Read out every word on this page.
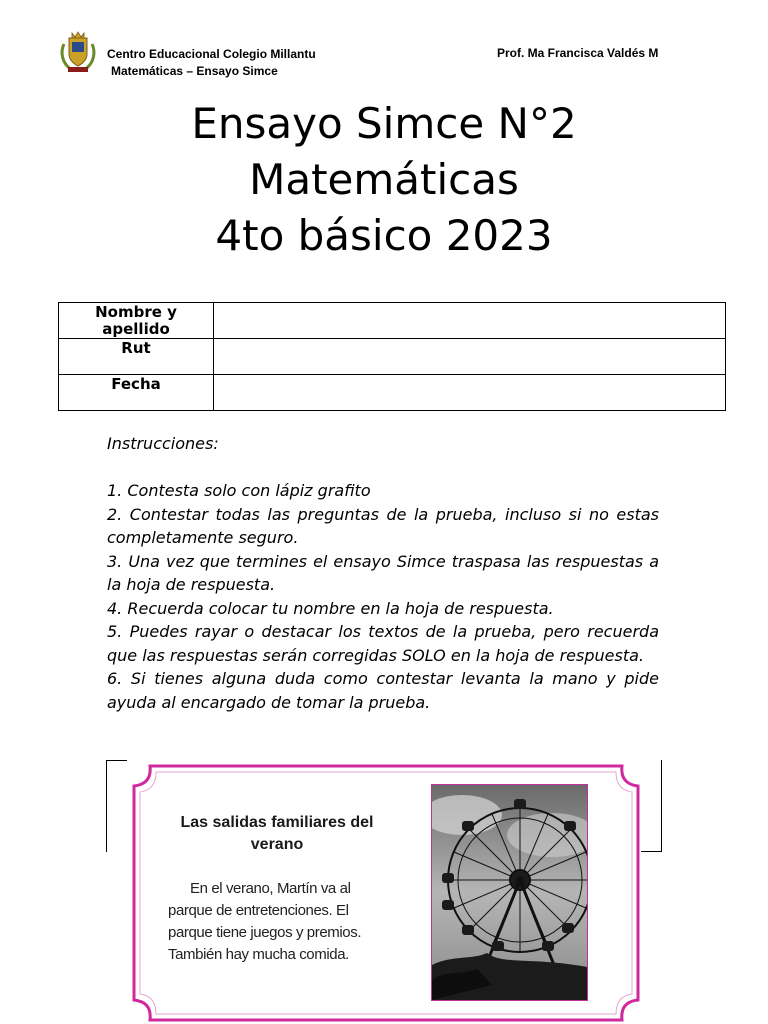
Centro Educacional Colegio Millantu
Matemáticas – Ensayo Simce
Prof. Ma Francisca Valdés M
Ensayo Simce N°2
Matemáticas
4to básico 2023
Nombre y apellido	
Rut	
Fecha	

Instrucciones:

1. Contesta solo con lápiz grafito

2. Contestar todas las preguntas de la prueba, incluso si no estas completamente seguro.

3. Una vez que termines el ensayo Simce traspasa las respuestas a la hoja de respuesta.

4. Recuerda colocar tu nombre en la hoja de respuesta.

5. Puedes rayar o destacar los textos de la prueba, pero recuerda que las respuestas serán corregidas SOLO en la hoja de respuesta.

6. Si tienes alguna duda como contestar levanta la mano y pide ayuda al encargado de tomar la prueba.

Las salidas familiares del verano
En el verano, Martín va al parque de entretenciones. El parque tiene juegos y premios. También hay mucha comida.
